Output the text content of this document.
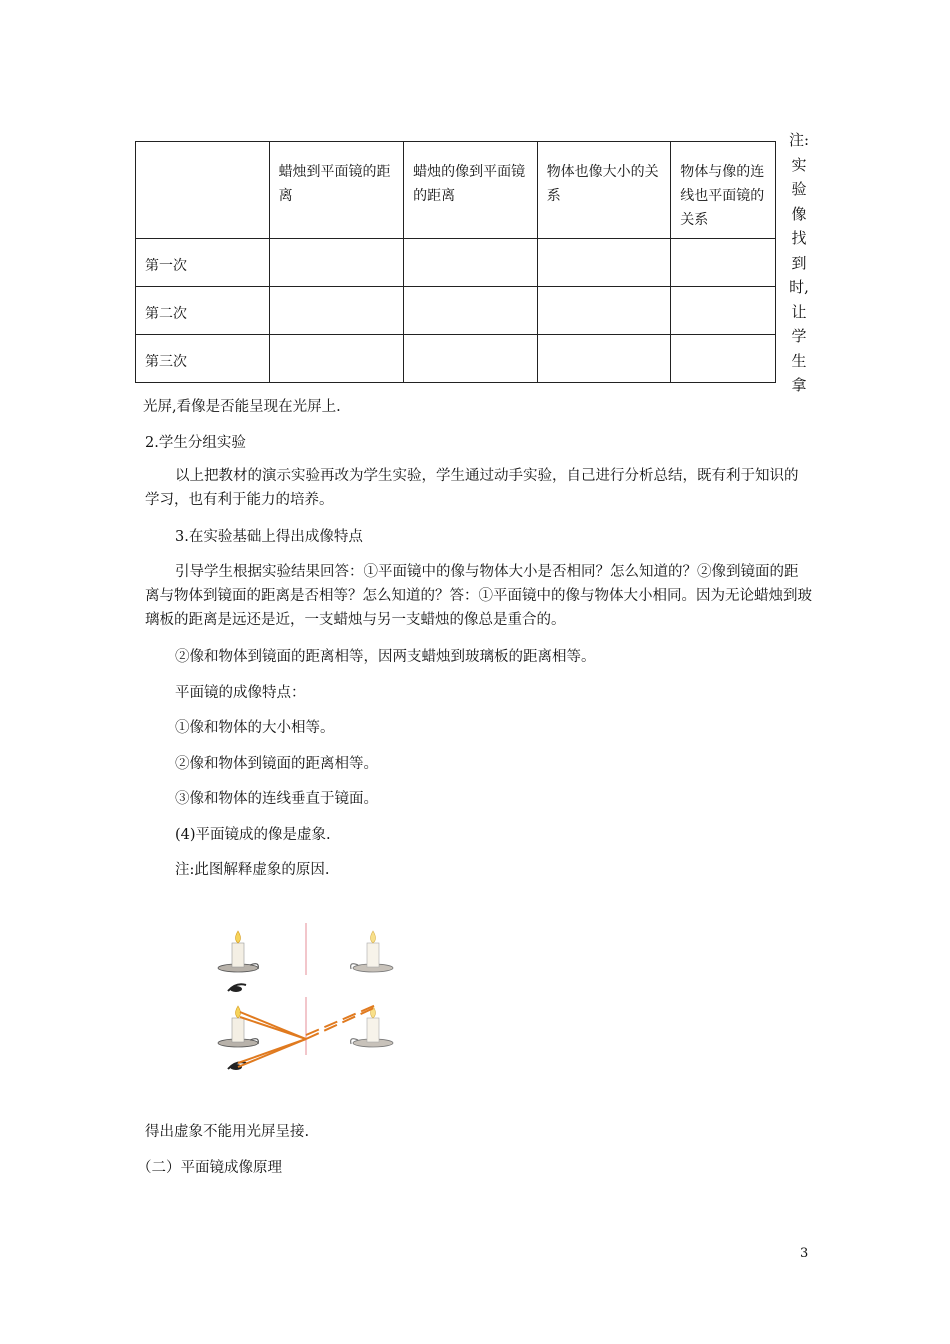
	蜡烛到平面镜的距离	蜡烛的像到平面镜的距离	物体也像大小的关系	物体与像的连线也平面镜的关系

第一次				

第二次				

第三次				

注:
实
验
像
找
到
时,
让
学
生
拿
光屏,看像是否能呈现在光屏上.
2.学生分组实验
以上把教材的演示实验再改为学生实验，学生通过动手实验，自己进行分析总结，既有利于知识的学习，也有利于能力的培养。
3.在实验基础上得出成像特点
引导学生根据实验结果回答：①平面镜中的像与物体大小是否相同？怎么知道的？②像到镜面的距离与物体到镜面的距离是否相等？怎么知道的？答：①平面镜中的像与物体大小相同。因为无论蜡烛到玻璃板的距离是远还是近，一支蜡烛与另一支蜡烛的像总是重合的。
②像和物体到镜面的距离相等，因两支蜡烛到玻璃板的距离相等。
平面镜的成像特点：
①像和物体的大小相等。
②像和物体到镜面的距离相等。
③像和物体的连线垂直于镜面。
(4)平面镜成的像是虚象.
注:此图解释虚象的原因.
得出虚象不能用光屏呈接.
（二）平面镜成像原理
3
